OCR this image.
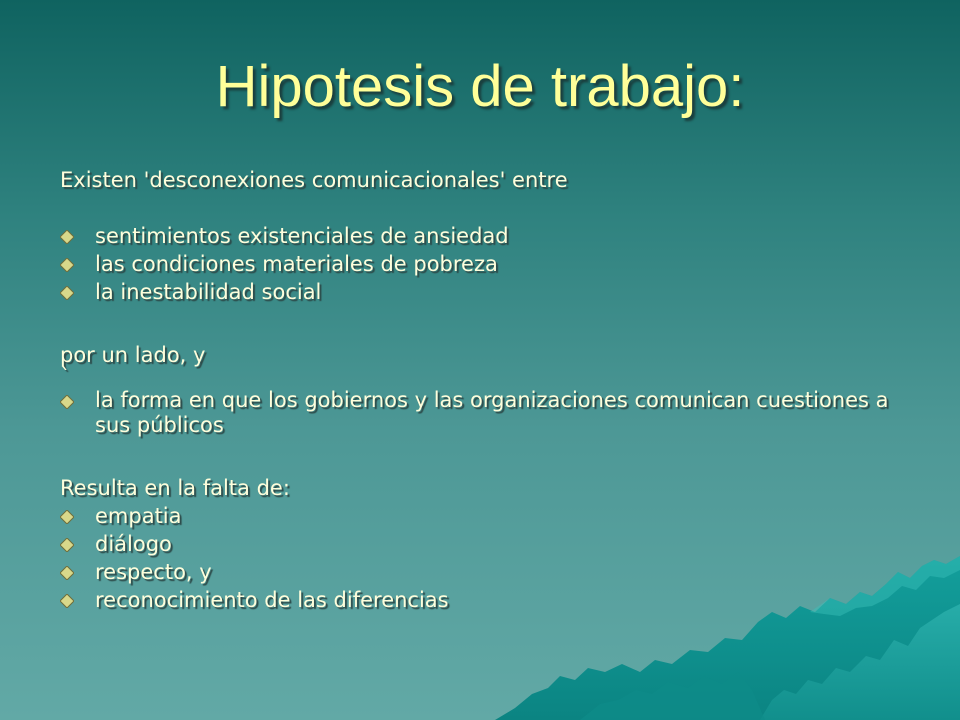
Hipotesis de trabajo:

Existen 'desconexiones comunicacionales' entre

sentimientos existenciales de ansiedad
las condiciones materiales de pobreza
la inestabilidad social

por un lado, y

`

la forma en que los gobiernos y las organizaciones comunican cuestiones a sus públicos

Resulta en la falta de:

empatia
diálogo
respecto, y
reconocimiento de las diferencias
